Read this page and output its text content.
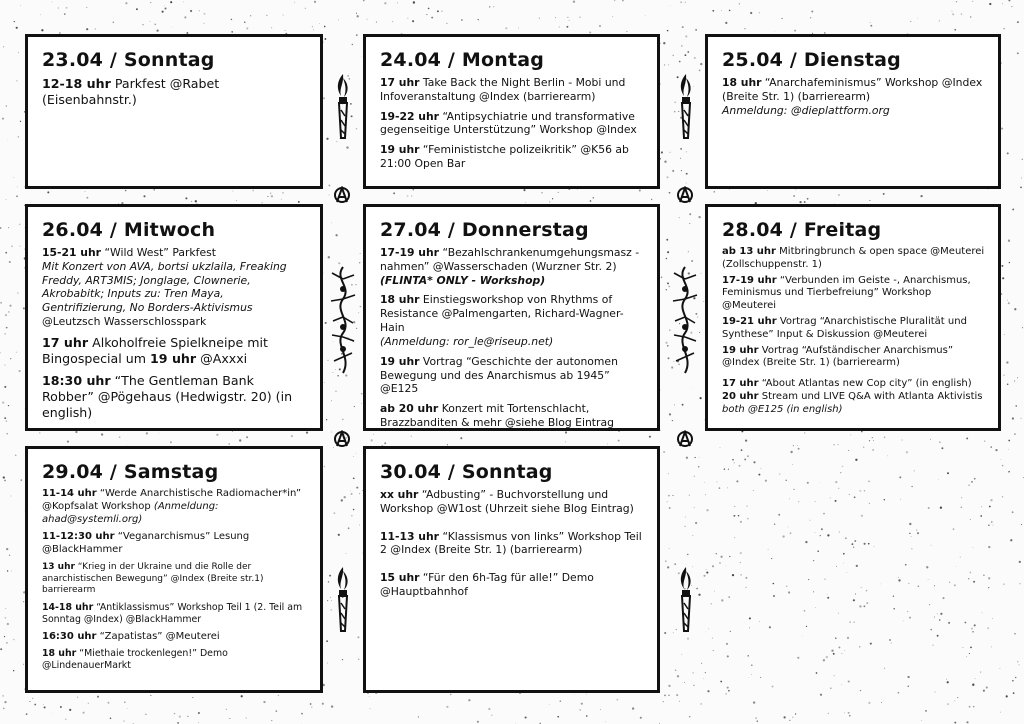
23.04 / Sonntag

12-18 uhr Parkfest @Rabet (Eisenbahnstr.)

24.04 / Montag

17 uhr Take Back the Night Berlin - Mobi und Infoveranstaltung @Index (barrierearm)

19-22 uhr “Antipsychiatrie und transformative gegenseitige Unterstützung” Workshop @Index

19 uhr “Feminististche polizeikritik” @K56 ab 21:00 Open Bar

25.04 / Dienstag

18 uhr “Anarchafeminismus” Workshop @Index (Breite Str. 1) (barrierearm)
Anmeldung: @dieplattform.org

26.04 / Mitwoch

15-21 uhr “Wild West” Parkfest
Mit Konzert von AVA, bortsi ukzlaila, Freaking Freddy, ART3MIS; Jonglage, Clownerie, Akrobabitk; Inputs zu: Tren Maya, Gentrifizierung, No Borders-Aktivismus
@Leutzsch Wasserschlosspark

17 uhr Alkoholfreie Spielkneipe mit Bingospecial um 19 uhr @Axxxi

18:30 uhr “The Gentleman Bank Robber” @Pögehaus (Hedwigstr. 20) (in english)

27.04 / Donnerstag

17-19 uhr “Bezahlschrankenumgehungsmasz - nahmen” @Wasserschaden (Wurzner Str. 2)
(FLINTA* ONLY - Workshop)

18 uhr Einstiegsworkshop von Rhythms of Resistance @Palmengarten, Richard-Wagner-Hain
(Anmeldung: ror_le@riseup.net)

19 uhr Vortrag “Geschichte der autonomen Bewegung und des Anarchismus ab 1945” @E125

ab 20 uhr Konzert mit Tortenschlacht, Brazzbanditen & mehr @siehe Blog Eintrag

28.04 / Freitag

ab 13 uhr Mitbringbrunch & open space @Meuterei (Zollschuppenstr. 1)

17-19 uhr “Verbunden im Geiste -, Anarchismus, Feminismus und Tierbefreiung” Workshop @Meuterei

19-21 uhr Vortrag “Anarchistische Pluralität und Synthese” Input & Diskussion @Meuterei

19 uhr Vortrag “Aufständischer Anarchismus” @Index (Breite Str. 1) (barrierearm)

17 uhr “About Atlantas new Cop city” (in english)

20 uhr Stream und LIVE Q&A with Atlanta Aktivistis
both @E125 (in english)

29.04 / Samstag

11-14 uhr “Werde Anarchistische Radiomacher*in” @Kopfsalat Workshop (Anmeldung: ahad@systemli.org)

11-12:30 uhr “Veganarchismus” Lesung @BlackHammer

13 uhr “Krieg in der Ukraine und die Rolle der anarchistischen Bewegung” @Index (Breite str.1) barrierearm

14-18 uhr “Antiklassismus” Workshop Teil 1 (2. Teil am Sonntag @Index) @BlackHammer

16:30 uhr “Zapatistas” @Meuterei

18 uhr “Miethaie trockenlegen!” Demo @LindenauerMarkt

30.04 / Sonntag

xx uhr “Adbusting” - Buchvorstellung und Workshop @W1ost (Uhrzeit siehe Blog Eintrag)

11-13 uhr “Klassismus von links” Workshop Teil 2 @Index (Breite Str. 1) (barrierearm)

15 uhr “Für den 6h-Tag für alle!” Demo @Hauptbahnhof
